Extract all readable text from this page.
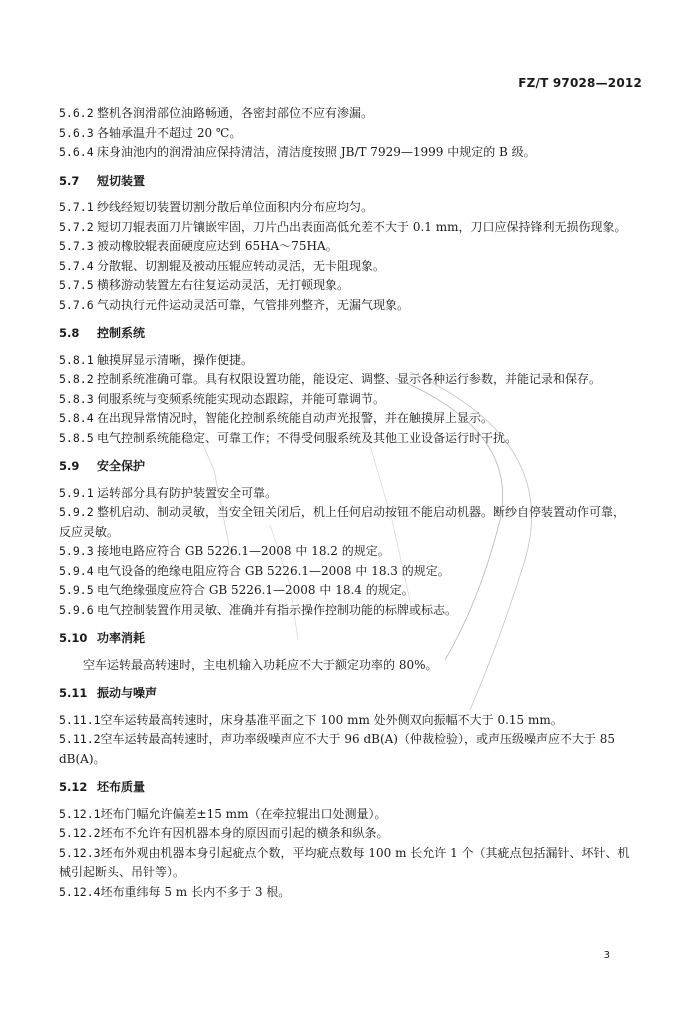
FZ/T 97028—2012
5.6.2 整机各润滑部位油路畅通，各密封部位不应有渗漏。
5.6.3 各轴承温升不超过 20 ℃。
5.6.4 床身油池内的润滑油应保持清洁，清洁度按照 JB/T 7929—1999 中规定的 B 级。
5.7 短切装置
5.7.1 纱线经短切装置切割分散后单位面积内分布应均匀。
5.7.2 短切刀辊表面刀片镶嵌牢固，刀片凸出表面高低允差不大于 0.1 mm，刀口应保持锋利无损伤现象。
5.7.3 被动橡胶辊表面硬度应达到 65HA～75HA。
5.7.4 分散辊、切割辊及被动压辊应转动灵活，无卡阻现象。
5.7.5 横移游动装置左右往复运动灵活，无打顿现象。
5.7.6 气动执行元件运动灵活可靠，气管排列整齐，无漏气现象。
5.8 控制系统
5.8.1 触摸屏显示清晰，操作便捷。
5.8.2 控制系统准确可靠。具有权限设置功能，能设定、调整、显示各种运行参数，并能记录和保存。
5.8.3 伺服系统与变频系统能实现动态跟踪，并能可靠调节。
5.8.4 在出现异常情况时，智能化控制系统能自动声光报警，并在触摸屏上显示。
5.8.5 电气控制系统能稳定、可靠工作；不得受伺服系统及其他工业设备运行时干扰。
5.9 安全保护
5.9.1 运转部分具有防护装置安全可靠。
5.9.2 整机启动、制动灵敏，当安全钮关闭后，机上任何启动按钮不能启动机器。断纱自停装置动作可靠，反应灵敏。
5.9.3 接地电路应符合 GB 5226.1—2008 中 18.2 的规定。
5.9.4 电气设备的绝缘电阻应符合 GB 5226.1—2008 中 18.3 的规定。
5.9.5 电气绝缘强度应符合 GB 5226.1—2008 中 18.4 的规定。
5.9.6 电气控制装置作用灵敏、准确并有指示操作控制功能的标牌或标志。
5.10 功率消耗
空车运转最高转速时，主电机输入功耗应不大于额定功率的 80%。
5.11 振动与噪声
5.11.1空车运转最高转速时，床身基准平面之下 100 mm 处外侧双向振幅不大于 0.15 mm。
5.11.2空车运转最高转速时，声功率级噪声应不大于 96 dB(A)（仲裁检验），或声压级噪声应不大于 85 dB(A)。
5.12 坯布质量
5.12.1坯布门幅允许偏差±15 mm（在牵拉辊出口处测量）。
5.12.2坯布不允许有因机器本身的原因而引起的横条和纵条。
5.12.3坯布外观由机器本身引起疵点个数，平均疵点数每 100 m 长允许 1 个（其疵点包括漏针、坏针、机械引起断头、吊针等）。
5.12.4坯布重纬每 5 m 长内不多于 3 根。
3
